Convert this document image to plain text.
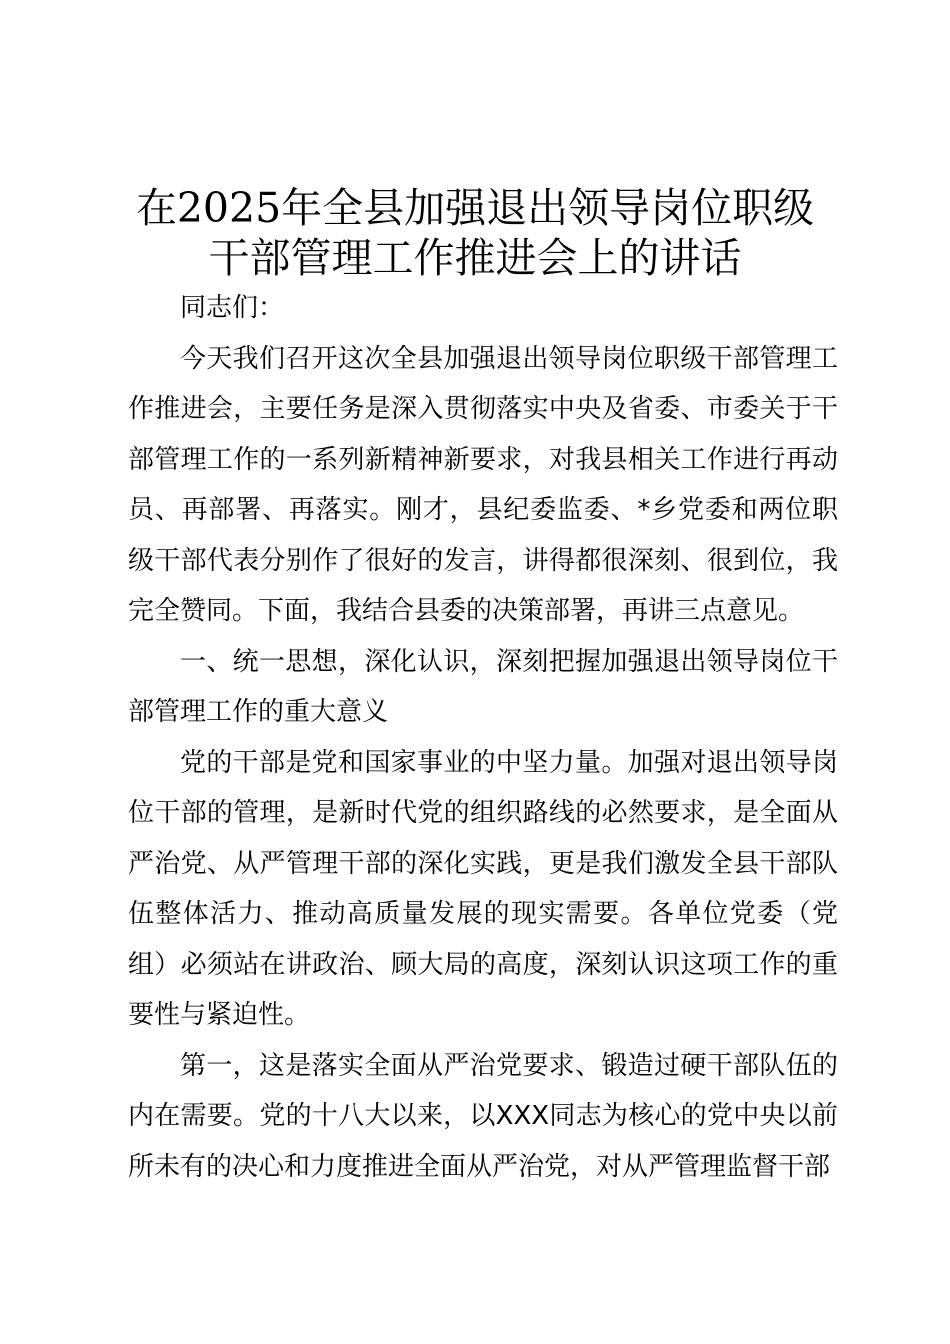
在2025年全县加强退出领导岗位职级
干部管理工作推进会上的讲话

同志们：

今天我们召开这次全县加强退出领导岗位职级干部管理工作推进会，主要任务是深入贯彻落实中央及省委、市委关于干部管理工作的一系列新精神新要求，对我县相关工作进行再动员、再部署、再落实。刚才，县纪委监委、*乡党委和两位职级干部代表分别作了很好的发言，讲得都很深刻、很到位，我完全赞同。下面，我结合县委的决策部署，再讲三点意见。

一、统一思想，深化认识，深刻把握加强退出领导岗位干部管理工作的重大意义

党的干部是党和国家事业的中坚力量。加强对退出领导岗位干部的管理，是新时代党的组织路线的必然要求，是全面从严治党、从严管理干部的深化实践，更是我们激发全县干部队伍整体活力、推动高质量发展的现实需要。各单位党委（党组）必须站在讲政治、顾大局的高度，深刻认识这项工作的重要性与紧迫性。

第一，这是落实全面从严治党要求、锻造过硬干部队伍的内在需要。党的十八大以来，以XXX同志为核心的党中央以前所未有的决心和力度推进全面从严治党，对从严管理监督干部
